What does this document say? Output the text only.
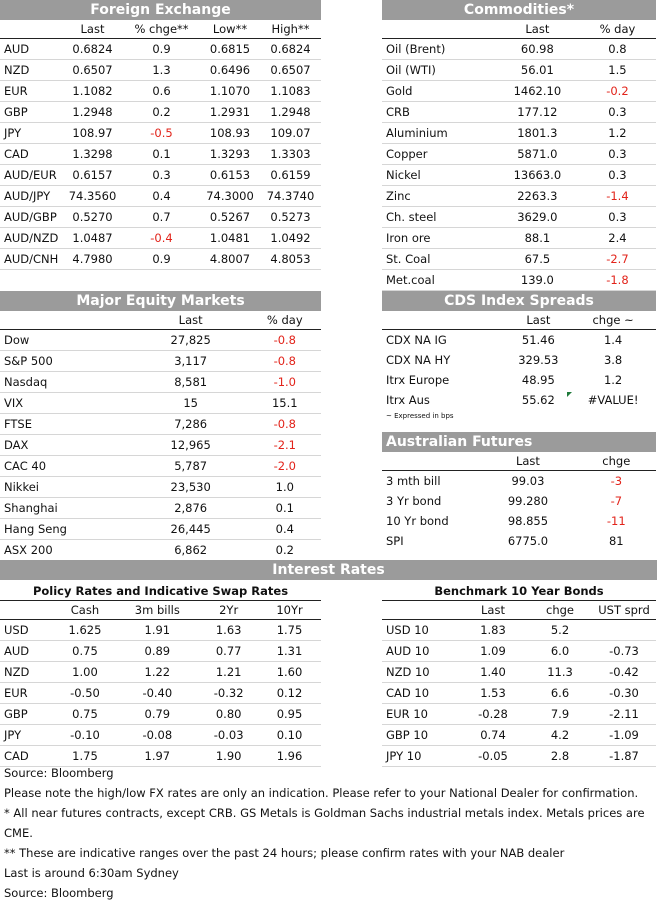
Foreign Exchange
	Last	% chge**	Low**	High**
AUD	0.6824	0.9	0.6815	0.6824
NZD	0.6507	1.3	0.6496	0.6507
EUR	1.1082	0.6	1.1070	1.1083
GBP	1.2948	0.2	1.2931	1.2948
JPY	108.97	-0.5	108.93	109.07
CAD	1.3298	0.1	1.3293	1.3303
AUD/EUR	0.6157	0.3	0.6153	0.6159
AUD/JPY	74.3560	0.4	74.3000	74.3740
AUD/GBP	0.5270	0.7	0.5267	0.5273
AUD/NZD	1.0487	-0.4	1.0481	1.0492
AUD/CNH	4.7980	0.9	4.8007	4.8053
Commodities*
	Last	% day
Oil (Brent)	60.98	0.8
Oil (WTI)	56.01	1.5
Gold	1462.10	-0.2
CRB	177.12	0.3
Aluminium	1801.3	1.2
Copper	5871.0	0.3
Nickel	13663.0	0.3
Zinc	2263.3	-1.4
Ch. steel	3629.0	0.3
Iron ore	88.1	2.4
St. Coal	67.5	-2.7
Met.coal	139.0	-1.8
Major Equity Markets
	Last	% day
Dow	27,825	-0.8
S&P 500	3,117	-0.8
Nasdaq	8,581	-1.0
VIX	15	15.1
FTSE	7,286	-0.8
DAX	12,965	-2.1
CAC 40	5,787	-2.0
Nikkei	23,530	1.0
Shanghai	2,876	0.1
Hang Seng	26,445	0.4
ASX 200	6,862	0.2
CDS Index Spreads
	Last	chge ~
CDX NA IG	51.46	1.4
CDX NA HY	329.53	3.8
Itrx Europe	48.95	1.2
Itrx Aus	55.62	#VALUE!
~ Expressed in bps
Australian Futures
	Last	chge
3 mth bill	99.03	-3
3 Yr bond	99.280	-7
10 Yr bond	98.855	-11
SPI	6775.0	81
Interest Rates
Policy Rates and Indicative Swap Rates
	Cash	3m bills	2Yr	10Yr
USD	1.625	1.91	1.63	1.75
AUD	0.75	0.89	0.77	1.31
NZD	1.00	1.22	1.21	1.60
EUR	-0.50	-0.40	-0.32	0.12
GBP	0.75	0.79	0.80	0.95
JPY	-0.10	-0.08	-0.03	0.10
CAD	1.75	1.97	1.90	1.96
Benchmark 10 Year Bonds
	Last	chge	UST sprd
USD 10	1.83	5.2	
AUD 10	1.09	6.0	-0.73
NZD 10	1.40	11.3	-0.42
CAD 10	1.53	6.6	-0.30
EUR 10	-0.28	7.9	-2.11
GBP 10	0.74	4.2	-1.09
JPY 10	-0.05	2.8	-1.87
Source: Bloomberg
Please note the high/low FX rates are only an indication. Please refer to your National Dealer for confirmation.
* All near futures contracts, except CRB. GS Metals is Goldman Sachs industrial metals index. Metals prices are CME.
** These are indicative ranges over the past 24 hours; please confirm rates with your NAB dealer
Last is around 6:30am Sydney
Source: Bloomberg
